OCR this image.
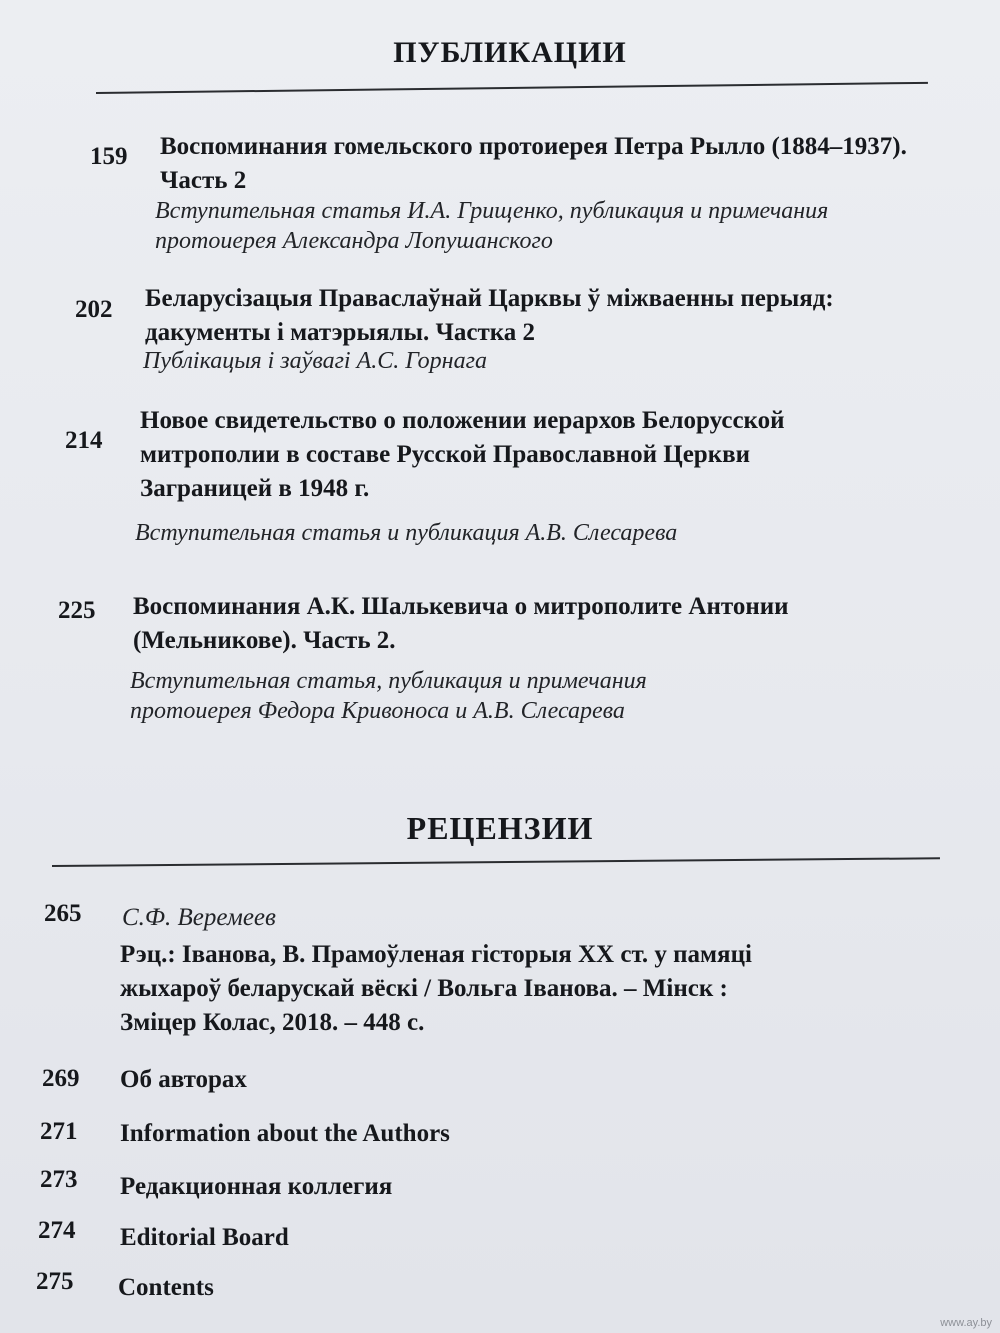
ПУБЛИКАЦИИ
159 Воспоминания гомельского протоиерея Петра Рылло (1884–1937).
Часть 2
Вступительная статья И.А. Грищенко, публикация и примечания
протоиерея Александра Лопушанского
202 Беларусізацыя Праваслаўнай Царквы ў міжваенны перыяд:
дакументы і матэрыялы. Частка 2
Публікацыя і заўвагі А.С. Горнага
214
Новое свидетельство о положении иерархов Белорусской
митрополии в составе Русской Православной Церкви
Заграницей в 1948 г.
Вступительная статья и публикация А.В. Слесарева
225 Воспоминания А.К. Шалькевича о митрополите Антонии
(Мельникове). Часть 2.
Вступительная статья, публикация и примечания
протоиерея Федора Кривоноса и А.В. Слесарева
РЕЦЕНЗИИ
265 С.Ф. Веремеев
Рэц.: Іванова, В. Прамоўленая гісторыя XX ст. у памяці
жыхароў беларускай вёскі / Вольга Іванова. – Мінск :
Зміцер Колас, 2018. – 448 с.
269 Об авторах
271 Information about the Authors
273 Редакционная коллегия
274 Editorial Board
275 Contents
www.ay.by
